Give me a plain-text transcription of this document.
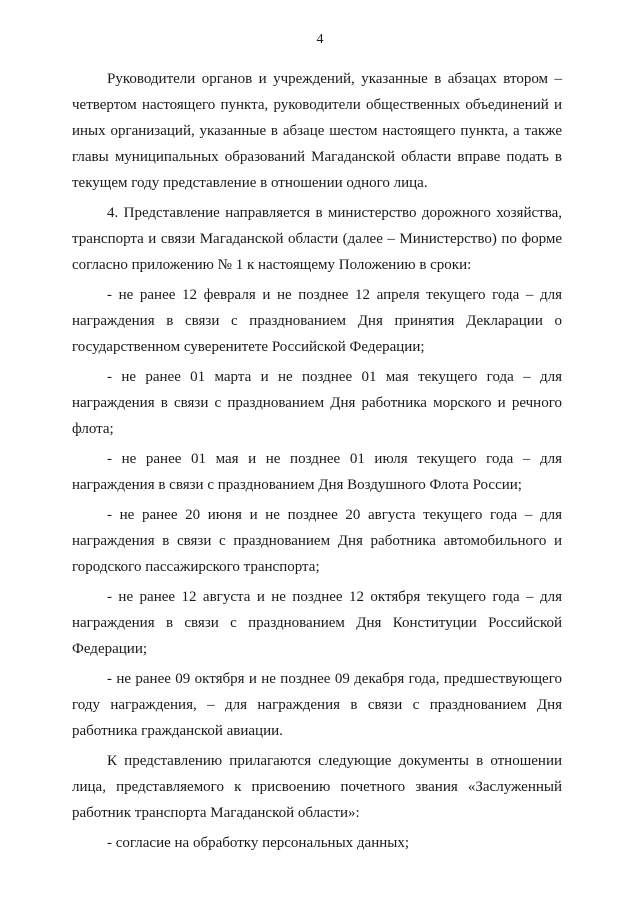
4

Руководители органов и учреждений, указанные в абзацах втором – четвертом настоящего пункта, руководители общественных объединений и иных организаций, указанные в абзаце шестом настоящего пункта, а также главы муниципальных образований Магаданской области вправе подать в текущем году представление в отношении одного лица.

4. Представление направляется в министерство дорожного хозяйства, транспорта и связи Магаданской области (далее – Министерство) по форме согласно приложению № 1 к настоящему Положению в сроки:

- не ранее 12 февраля и не позднее 12 апреля текущего года – для награждения в связи с празднованием Дня принятия Декларации о государственном суверенитете Российской Федерации;

- не ранее 01 марта и не позднее 01 мая текущего года – для награждения в связи с празднованием Дня работника морского и речного флота;

- не ранее 01 мая и не позднее 01 июля текущего года – для награждения в связи с празднованием Дня Воздушного Флота России;

- не ранее 20 июня и не позднее 20 августа текущего года – для награждения в связи с празднованием Дня работника автомобильного и городского пассажирского транспорта;

- не ранее 12 августа и не позднее 12 октября текущего года – для награждения в связи с празднованием Дня Конституции Российской Федерации;

- не ранее 09 октября и не позднее 09 декабря года, предшествующего году награждения, – для награждения в связи с празднованием Дня работника гражданской авиации.

К представлению прилагаются следующие документы в отношении лица, представляемого к присвоению почетного звания «Заслуженный работник транспорта Магаданской области»:

- согласие на обработку персональных данных;
